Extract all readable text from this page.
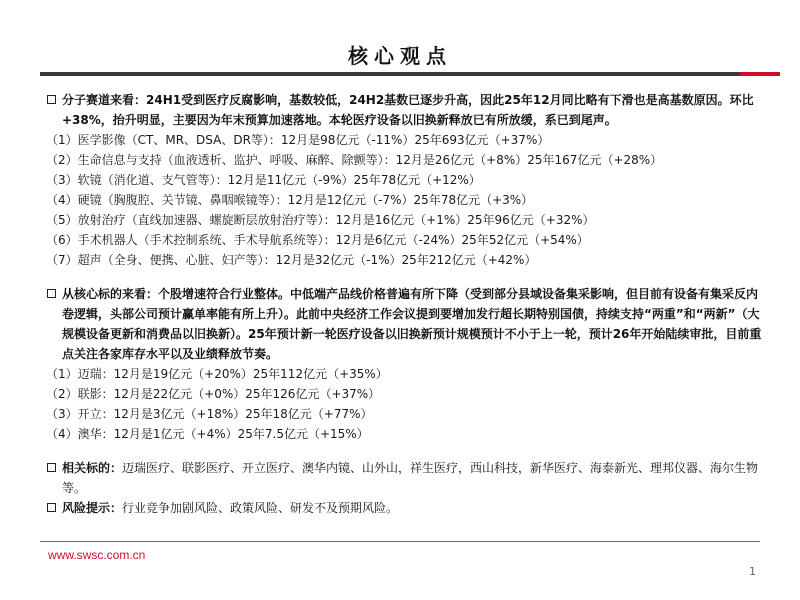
核心观点
分子赛道来看：24H1受到医疗反腐影响，基数较低，24H2基数已逐步升高，因此25年12月同比略有下滑也是高基数原因。环比+38%，抬升明显，主要因为年末预算加速落地。本轮医疗设备以旧换新释放已有所放缓，系已到尾声。
（1）医学影像（CT、MR、DSA、DR等）：12月是98亿元（-11%）25年693亿元（+37%）
（2）生命信息与支持（血液透析、监护、呼吸、麻醉、除颤等）：12月是26亿元（+8%）25年167亿元（+28%）
（3）软镜（消化道、支气管等）：12月是11亿元（-9%）25年78亿元（+12%）
（4）硬镜（胸腹腔、关节镜、鼻咽喉镜等）：12月是12亿元（-7%）25年78亿元（+3%）
（5）放射治疗（直线加速器、螺旋断层放射治疗等）：12月是16亿元（+1%）25年96亿元（+32%）
（6）手术机器人（手术控制系统、手术导航系统等）：12月是6亿元（-24%）25年52亿元（+54%）
（7）超声（全身、便携、心脏、妇产等）：12月是32亿元（-1%）25年212亿元（+42%）
从核心标的来看：个股增速符合行业整体。中低端产品线价格普遍有所下降（受到部分县域设备集采影响，但目前有设备有集采反内卷逻辑，头部公司预计赢单率能有所上升）。此前中央经济工作会议提到要增加发行超长期特别国债，持续支持“两重”和“两新”（大规模设备更新和消费品以旧换新）。25年预计新一轮医疗设备以旧换新预计规模预计不小于上一轮，预计26年开始陆续审批，目前重点关注各家库存水平以及业绩释放节奏。
（1）迈瑞：12月是19亿元（+20%）25年112亿元（+35%）
（2）联影：12月是22亿元（+0%）25年126亿元（+37%）
（3）开立：12月是3亿元（+18%）25年18亿元（+77%）
（4）澳华：12月是1亿元（+4%）25年7.5亿元（+15%）
相关标的：迈瑞医疗、联影医疗、开立医疗、澳华内镜、山外山，祥生医疗，西山科技，新华医疗、海泰新光、理邦仪器、海尔生物等。
风险提示：行业竞争加剧风险、政策风险、研发不及预期风险。
www.swsc.com.cn
1
